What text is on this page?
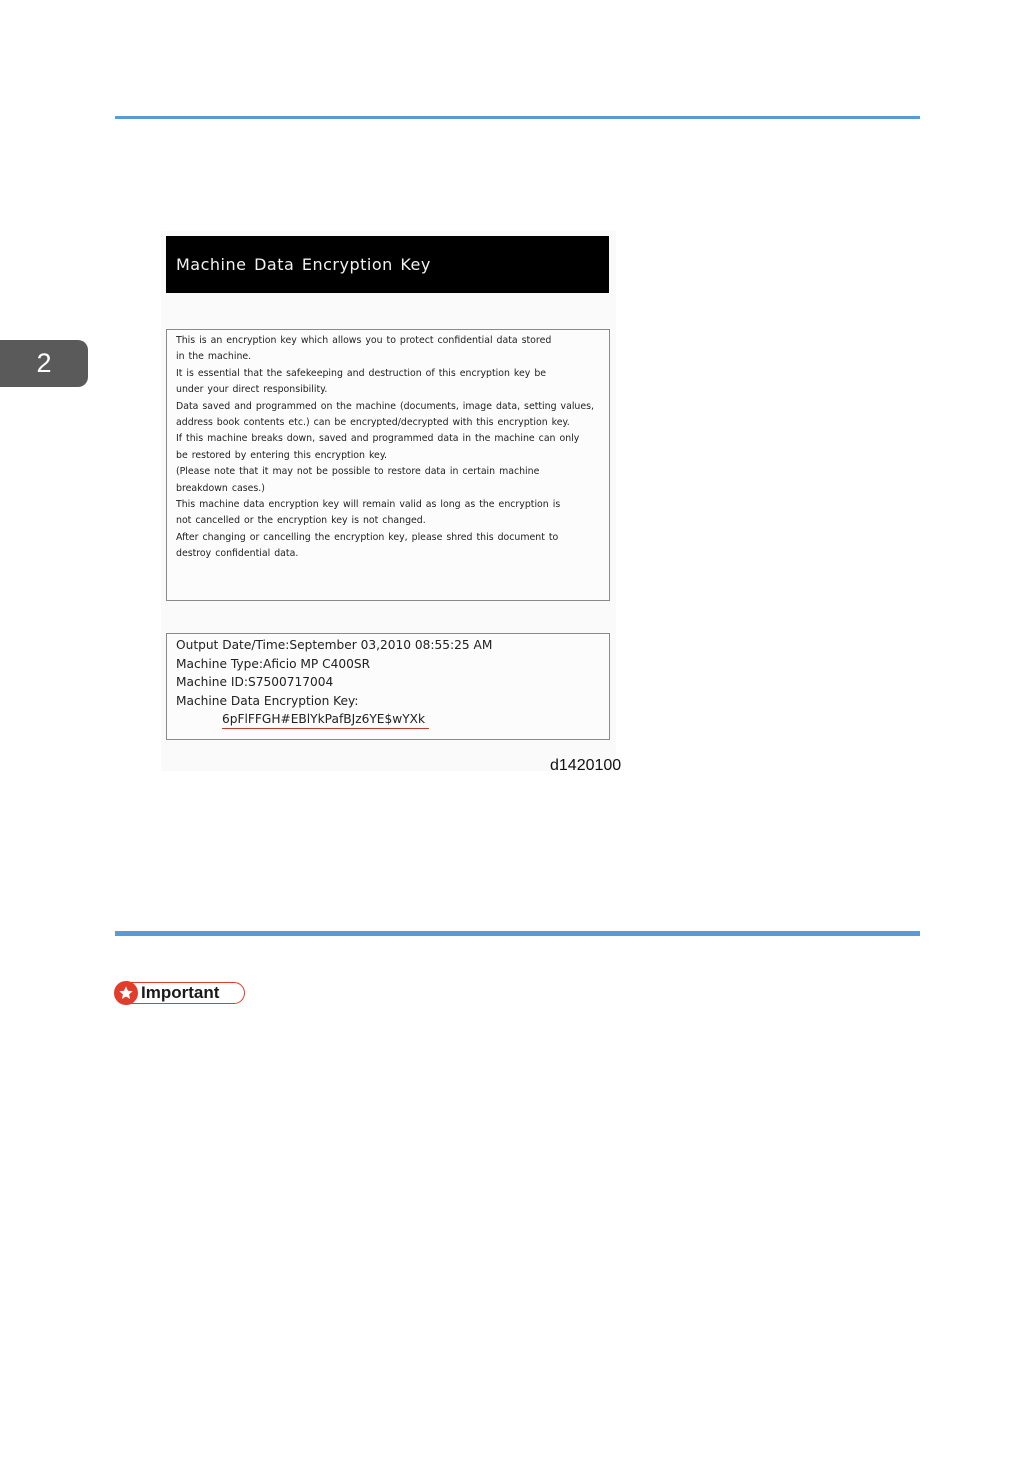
2
Machine Data Encryption Key
This is an encryption key which allows you to protect confidential data stored
in the machine.
It is essential that the safekeeping and destruction of this encryption key be
under your direct responsibility.
Data saved and programmed on the machine (documents, image data, setting values,
address book contents etc.) can be encrypted/decrypted with this encryption key.
If this machine breaks down, saved and programmed data in the machine can only
be restored by entering this encryption key.
(Please note that it may not be possible to restore data in certain machine
breakdown cases.)
This machine data encryption key will remain valid as long as the encryption is
not cancelled or the encryption key is not changed.
After changing or cancelling the encryption key, please shred this document to
destroy confidential data.
Output Date/Time:September 03,2010 08:55:25 AM
Machine Type:Aficio MP C400SR
Machine ID:S7500717004
Machine Data Encryption Key:
6pFlFFGH#EBlYkPafBJz6YE$wYXk
d1420100
Important
